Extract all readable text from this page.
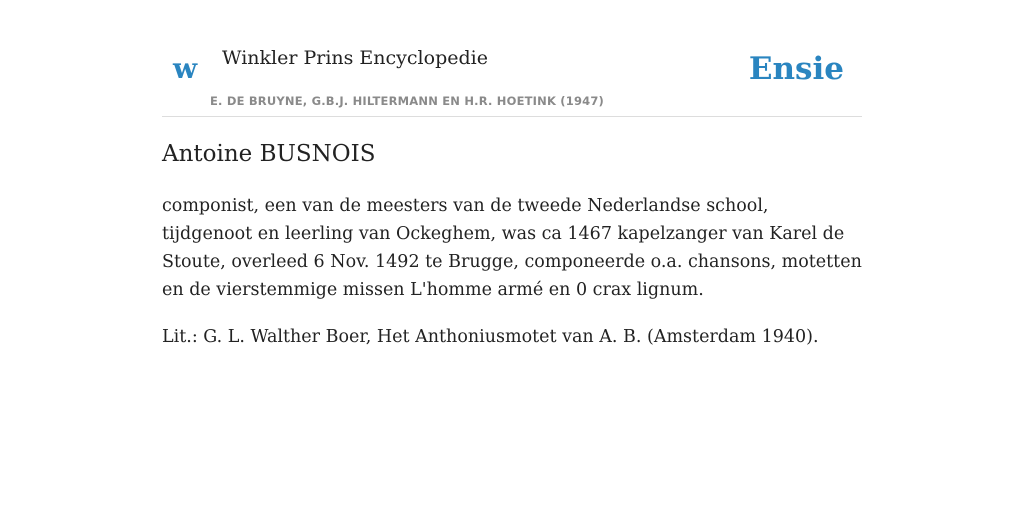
w Winkler Prins Encyclopedie
E. DE BRUYNE, G.B.J. HILTERMANN EN H.R. HOETINK (1947)
Ensie
Antoine BUSNOIS

componist, een van de meesters van de tweede Nederlandse school, tijdgenoot en leerling van Ockeghem, was ca 1467 kapelzanger van Karel de Stoute, overleed 6 Nov. 1492 te Brugge, componeerde o.a. chansons, motetten en de vierstemmige missen L'homme armé en 0 crax lignum.

Lit.: G. L. Walther Boer, Het Anthoniusmotet van A. B. (Amsterdam 1940).
